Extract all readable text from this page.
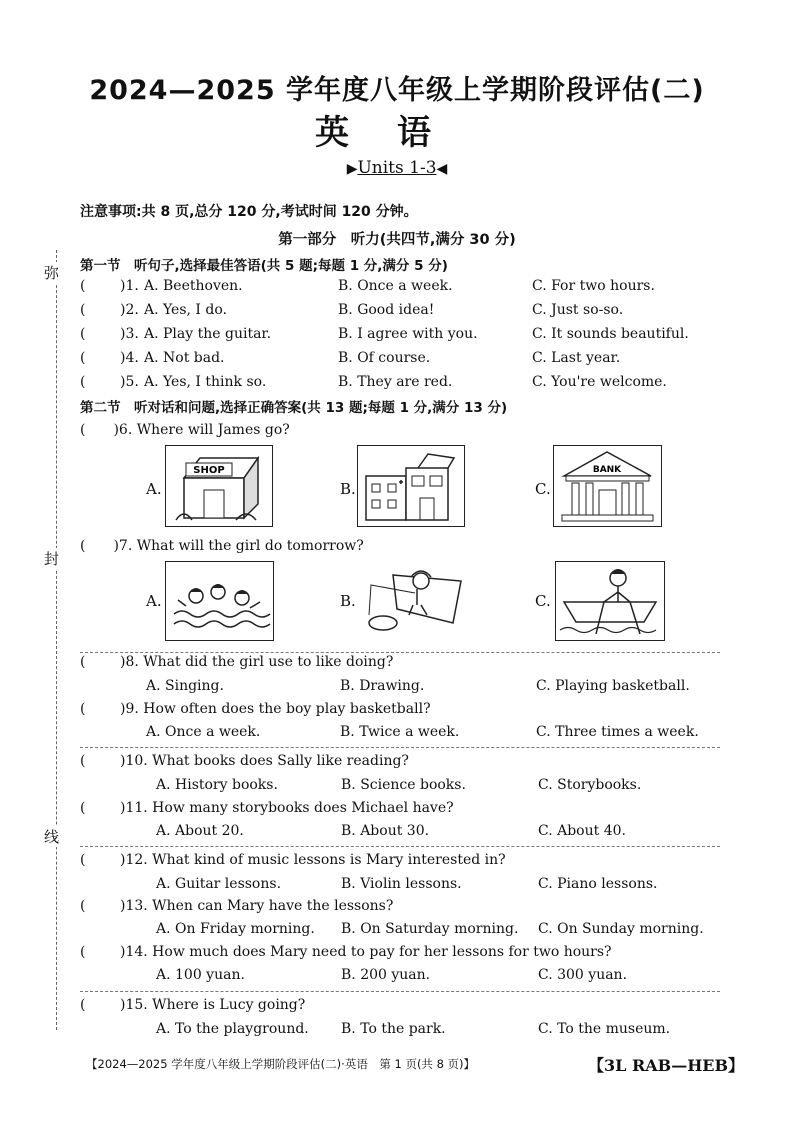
弥
封
线
2024—2025 学年度八年级上学期阶段评估(二)
英语
▶Units 1-3◀
注意事项:共 8 页,总分 120 分,考试时间 120 分钟。
第一部分　听力(共四节,满分 30 分)
第一节　听句子,选择最佳答语(共 5 题;每题 1 分,满分 5 分)
( )1. A. Beethoven.	B. Once a week.	C. For two hours.
( )2. A. Yes, I do.	B. Good idea!	C. Just so-so.
( )3. A. Play the guitar.	B. I agree with you.	C. It sounds beautiful.
( )4. A. Not bad.	B. Of course.	C. Last year.
( )5. A. Yes, I think so.	B. They are red.	C. You're welcome.
第二节　听对话和问题,选择正确答案(共 13 题;每题 1 分,满分 13 分)
(　　)6. Where will James go?
A.
SHOP
B.	C.
BANK
(　　)7. What will the girl do tomorrow?
A.	B.	C.
( )8. What did the girl use to like doing?
A. Singing.	B. Drawing.	C. Playing basketball.
( )9. How often does the boy play basketball?
A. Once a week.	B. Twice a week.	C. Three times a week.
( )10. What books does Sally like reading?
A. History books.	B. Science books.	C. Storybooks.
( )11. How many storybooks does Michael have?
A. About 20.	B. About 30.	C. About 40.
( )12. What kind of music lessons is Mary interested in?
A. Guitar lessons.	B. Violin lessons.	C. Piano lessons.
( )13. When can Mary have the lessons?
A. On Friday morning. B. On Saturday morning. C. On Sunday morning.
( )14. How much does Mary need to pay for her lessons for two hours?
A. 100 yuan.	B. 200 yuan.	C. 300 yuan.
( )15. Where is Lucy going?
A. To the playground. B. To the park.	C. To the museum.
【2024—2025 学年度八年级上学期阶段评估(二)·英语　第 1 页(共 8 页)】	【3L RAB—HEB】
